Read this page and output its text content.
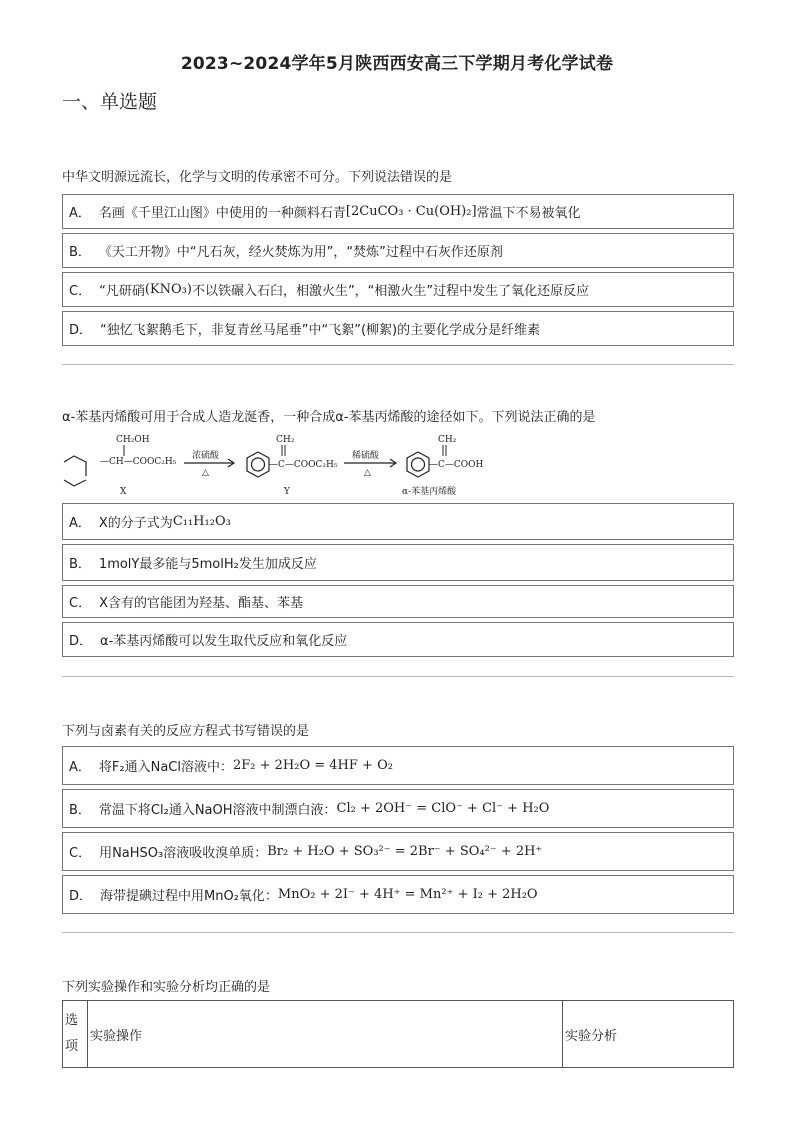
2023~2024学年5月陕西西安高三下学期月考化学试卷
一、单选题
中华文明源远流长，化学与文明的传承密不可分。下列说法错误的是
A． 名画《千里江山图》中使用的一种颜料石青 [2CuCO₃ · Cu(OH)₂] 常温下不易被氧化
B． 《天工开物》中“凡石灰，经火焚炼为用”，“焚炼”过程中石灰作还原剂
C． “凡研硝 (KNO₃) 不以铁碾入石臼，相激火生”，“相激火生”过程中发生了氧化还原反应
D． “独忆飞絮鹅毛下，非复青丝马尾垂”中“飞絮”(柳絮)的主要化学成分是纤维素
α-苯基丙烯酸可用于合成人造龙涎香，一种合成α-苯基丙烯酸的途径如下。下列说法正确的是
CH₂OH
—CH—COOC₂H₅
X
浓硫酸
△
CH₂
—C—COOC₂H₅
Y
稀硫酸
△
CH₂
—C—COOH
α-苯基丙烯酸
A． X的分子式为 C₁₁H₁₂O₃
B． 1molY最多能与5molH₂发生加成反应
C． X含有的官能团为羟基、酯基、苯基
D． α-苯基丙烯酸可以发生取代反应和氧化反应
下列与卤素有关的反应方程式书写错误的是
A． 将F₂通入NaCl溶液中： 2F₂ + 2H₂O = 4HF + O₂
B． 常温下将Cl₂通入NaOH溶液中制漂白液： Cl₂ + 2OH⁻ = ClO⁻ + Cl⁻ + H₂O
C． 用NaHSO₃溶液吸收溴单质： Br₂ + H₂O + SO₃²⁻ = 2Br⁻ + SO₄²⁻ + 2H⁺
D． 海带提碘过程中用MnO₂氧化： MnO₂ + 2I⁻ + 4H⁺ = Mn²⁺ + I₂ + 2H₂O
下列实验操作和实验分析均正确的是
选项	实验操作	实验分析
